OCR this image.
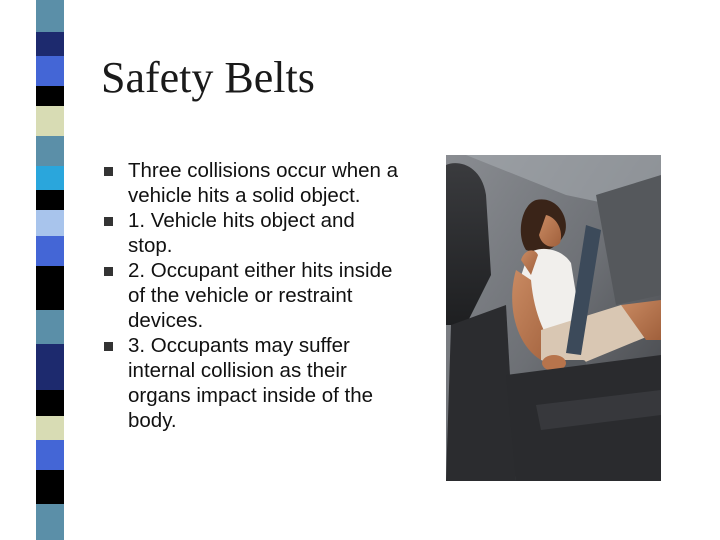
Safety Belts
Three collisions occur when a vehicle hits a solid object.
1. Vehicle hits object and stop.
2. Occupant either hits inside of the vehicle or restraint devices.
3. Occupants may suffer internal collision as their organs impact inside of the body.
